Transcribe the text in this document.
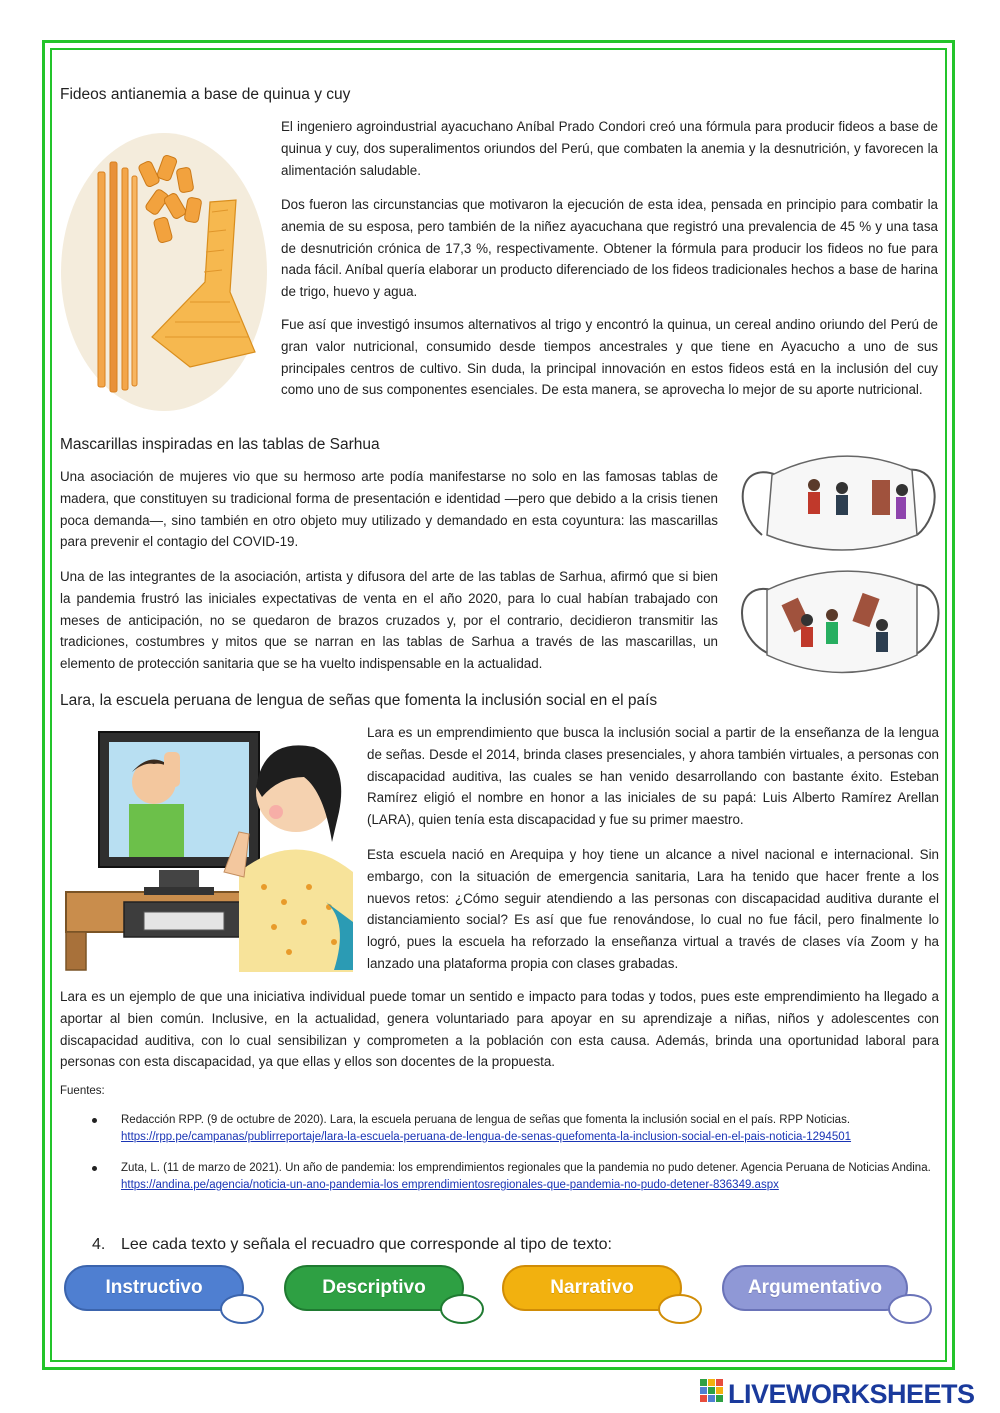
Fideos antianemia a base de quinua y cuy

El ingeniero agroindustrial ayacuchano Aníbal Prado Condori creó una fórmula para producir fideos a base de quinua y cuy, dos superalimentos oriundos del Perú, que combaten la anemia y la desnutrición, y favorecen la alimentación saludable.

Dos fueron las circunstancias que motivaron la ejecución de esta idea, pensada en principio para combatir la anemia de su esposa, pero también de la niñez ayacuchana que registró una prevalencia de 45 % y una tasa de desnutrición crónica de 17,3 %, respectivamente. Obtener la fórmula para producir los fideos no fue para nada fácil. Aníbal quería elaborar un producto diferenciado de los fideos tradicionales hechos a base de harina de trigo, huevo y agua.

Fue así que investigó insumos alternativos al trigo y encontró la quinua, un cereal andino oriundo del Perú de gran valor nutricional, consumido desde tiempos ancestrales y que tiene en Ayacucho a uno de sus principales centros de cultivo. Sin duda, la principal innovación en estos fideos está en la inclusión del cuy como uno de sus componentes esenciales. De esta manera, se aprovecha lo mejor de su aporte nutricional.

Mascarillas inspiradas en las tablas de Sarhua

Una asociación de mujeres vio que su hermoso arte podía manifestarse no solo en las famosas tablas de madera, que constituyen su tradicional forma de presentación e identidad —pero que debido a la crisis tienen poca demanda—, sino también en otro objeto muy utilizado y demandado en esta coyuntura: las mascarillas para prevenir el contagio del COVID-19.

Una de las integrantes de la asociación, artista y difusora del arte de las tablas de Sarhua, afirmó que si bien la pandemia frustró las iniciales expectativas de venta en el año 2020, para lo cual habían trabajado con meses de anticipación, no se quedaron de brazos cruzados y, por el contrario, decidieron transmitir las tradiciones, costumbres y mitos que se narran en las tablas de Sarhua a través de las mascarillas, un elemento de protección sanitaria que se ha vuelto indispensable en la actualidad.

Lara, la escuela peruana de lengua de señas que fomenta la inclusión social en el país

Lara es un emprendimiento que busca la inclusión social a partir de la enseñanza de la lengua de señas. Desde el 2014, brinda clases presenciales, y ahora también virtuales, a personas con discapacidad auditiva, las cuales se han venido desarrollando con bastante éxito. Esteban Ramírez eligió el nombre en honor a las iniciales de su papá: Luis Alberto Ramírez Arellan (LARA), quien tenía esta discapacidad y fue su primer maestro.

Esta escuela nació en Arequipa y hoy tiene un alcance a nivel nacional e internacional. Sin embargo, con la situación de emergencia sanitaria, Lara ha tenido que hacer frente a los nuevos retos: ¿Cómo seguir atendiendo a las personas con discapacidad auditiva durante el distanciamiento social? Es así que fue renovándose, lo cual no fue fácil, pero finalmente lo logró, pues la escuela ha reforzado la enseñanza virtual a través de clases vía Zoom y ha lanzado una plataforma propia con clases grabadas.

Lara es un ejemplo de que una iniciativa individual puede tomar un sentido e impacto para todas y todos, pues este emprendimiento ha llegado a aportar al bien común. Inclusive, en la actualidad, genera voluntariado para apoyar en su aprendizaje a niñas, niños y adolescentes con discapacidad auditiva, con lo cual sensibilizan y comprometen a la población con esta causa. Además, brinda una oportunidad laboral para personas con esta discapacidad, ya que ellas y ellos son docentes de la propuesta.

Fuentes:
Redacción RPP. (9 de octubre de 2020). Lara, la escuela peruana de lengua de señas que fomenta la inclusión social en el país. RPP Noticias.
https://rpp.pe/campanas/publirreportaje/lara-la-escuela-peruana-de-lengua-de-senas-quefomenta-la-inclusion-social-en-el-pais-noticia-1294501
Zuta, L. (11 de marzo de 2021). Un año de pandemia: los emprendimientos regionales que la pandemia no pudo detener. Agencia Peruana de Noticias Andina.
https://andina.pe/agencia/noticia-un-ano-pandemia-los emprendimientosregionales-que-pandemia-no-pudo-detener-836349.aspx
4. Lee cada texto y señala el recuadro que corresponde al tipo de texto:
Instructivo	Descriptivo	Narrativo	Argumentativo
LIVEWORKSHEETS
